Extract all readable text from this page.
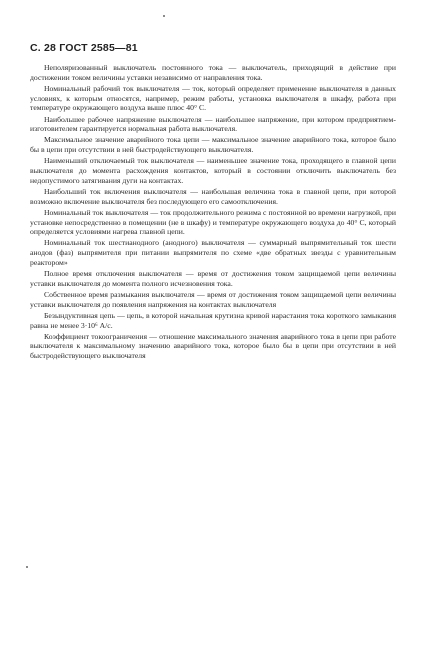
С. 28 ГОСТ 2585—81

Неполяризованный выключатель постоянного тока — выключатель, приходящий в действие при достижении током величины уставки независимо от направления тока.

Номинальный рабочий ток выключателя — ток, который определяет применение выключателя в данных условиях, к которым относятся, например, режим работы, установка выключателя в шкафу, работа при температуре окружающего воздуха выше плюс 40° С.

Наибольшее рабочее напряжение выключателя — наибольшее напряжение, при котором предприятием-изготовителем гарантируется нормальная работа выключателя.

Максимальное значение аварийного тока цепи — максимальное значение аварийного тока, которое было бы в цепи при отсутствии в ней быстродействующего выключателя.

Наименьший отключаемый ток выключателя — наименьшее значение тока, проходящего в главной цепи выключателя до момента расхождения контактов, который в состоянии отключить выключатель без недопустимого затягивания дуги на контактах.

Наибольший ток включения выключателя — наибольшая величина тока в главной цепи, при которой возможно включение выключателя без последующего его самоотключения.

Номинальный ток выключателя — ток продолжительного режима с постоянной во времени нагрузкой, при установке непосредственно в помещении (не в шкафу) и температуре окружающего воздуха до 40° С, который определяется условиями нагрева главной цепи.

Номинальный ток шестианодного (анодного) выключателя — суммарный выпрямительный ток шести анодов (фаз) выпрямителя при питании выпрямителя по схеме «две обратных звезды с уравнительным реактором»

Полное время отключения выключателя — время от достижения током защищаемой цепи величины уставки выключателя до момента полного исчезновения тока.

Собственное время размыкания выключателя — время от достижения током защищаемой цепи величины уставки выключателя до появления напряжения на контактах выключателя

Безындуктивная цепь — цепь, в которой начальная крутизна кривой нарастания тока короткого замыкания равна не менее 3·10⁶ А/с.

Коэффициент токоограничения — отношение максимального значения аварийного тока в цепи при работе выключателя к максимальному значению аварийного тока, которое было бы в цепи при отсутствии в ней быстродействующего выключателя
